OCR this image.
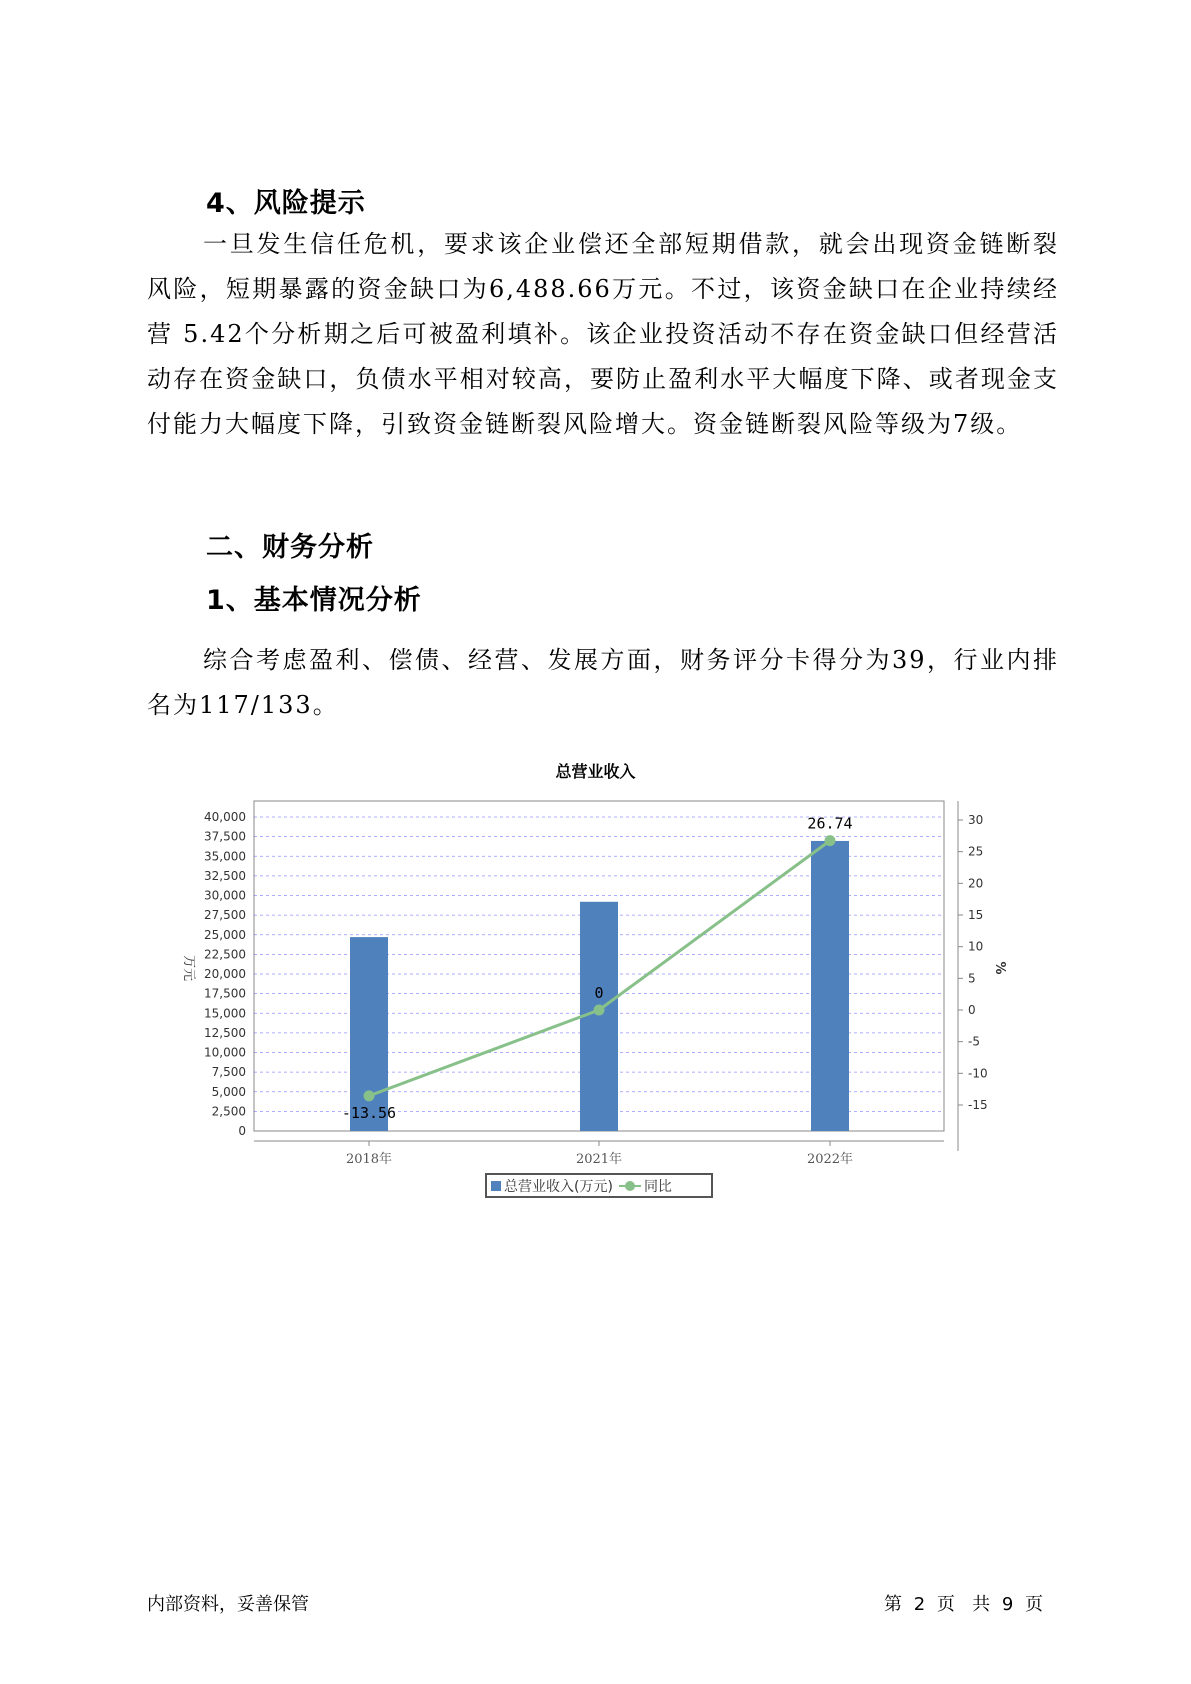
4、风险提示

一旦发生信任危机，要求该企业偿还全部短期借款，就会出现资金链断裂风险，短期暴露的资金缺口为6,488.66万元。不过，该资金缺口在企业持续经营 5.42个分析期之后可被盈利填补。该企业投资活动不存在资金缺口但经营活动存在资金缺口，负债水平相对较高，要防止盈利水平大幅度下降、或者现金支付能力大幅度下降，引致资金链断裂风险增大。资金链断裂风险等级为7级。

二、财务分析
1、基本情况分析

综合考虑盈利、偿债、经营、发展方面，财务评分卡得分为39，行业内排名为117/133。

总营业收入
0
2,500
5,000
7,500
10,000
12,500
15,000
17,500
20,000
22,500
25,000
27,500
30,000
32,500
35,000
37,500
40,000
-15
-10
-5
0
5
10
15
20
25
30
万元	%
2018年	2021年	2022年
-13.56
0
26.74
总营业收入(万元) 同比
内部资料，妥善保管	第 2 页   共 9 页
